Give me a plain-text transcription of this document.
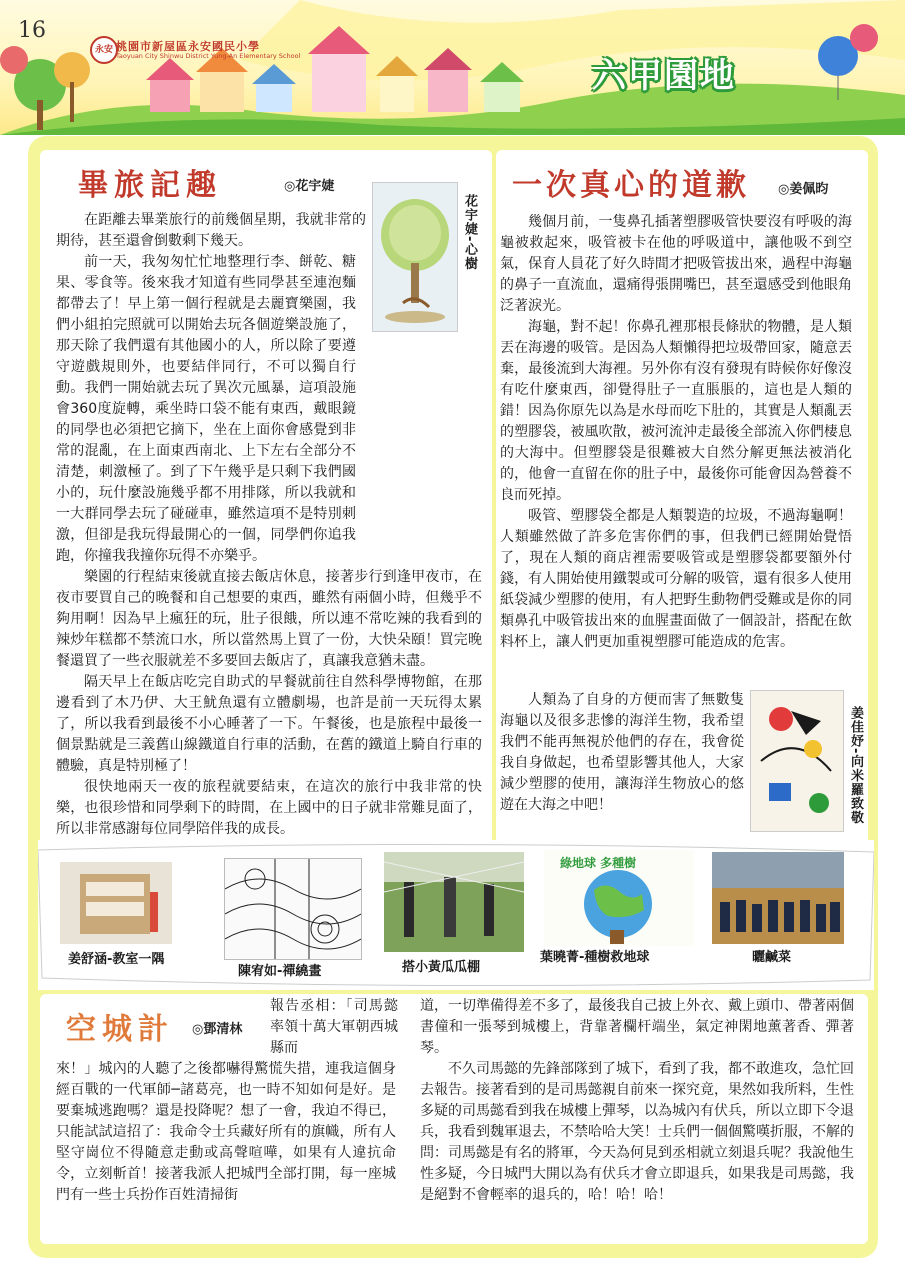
16
永安 桃園市新屋區永安國民小學
Taoyuan City Shinwu District Yung-An Elementary School	六甲園地
畢旅記趣	◎花宇婕
花宇婕-心樹

在距離去畢業旅行的前幾個星期，我就非常的期待，甚至還會倒數剩下幾天。

前一天，我匆匆忙忙地整理行李、餅乾、糖果、零食等。後來我才知道有些同學甚至連泡麵都帶去了！早上第一個行程就是去麗寶樂園，我們小組拍完照就可以開始去玩各個遊樂設施了，那天除了我們還有其他國小的人，所以除了要遵守遊戲規則外，也要結伴同行，不可以獨自行動。我們一開始就去玩了異次元風暴，這項設施會360度旋轉，乘坐時口袋不能有東西，戴眼鏡的同學也必須把它摘下，坐在上面你會感覺到非常的混亂，在上面東西南北、上下左右全部分不清楚，刺激極了。到了下午幾乎是只剩下我們國小的，玩什麼設施幾乎都不用排隊，所以我就和一大群同學去玩了碰碰車，雖然這項不是特別刺激，但卻是我玩得最開心的一個，同學們你追我跑，你撞我我撞你玩得不亦樂乎。

樂園的行程結束後就直接去飯店休息，接著步行到逢甲夜市，在夜市要買自己的晚餐和自己想要的東西，雖然有兩個小時，但幾乎不夠用啊！因為早上瘋狂的玩，肚子很餓，所以連不常吃辣的我看到的辣炒年糕都不禁流口水，所以當然馬上買了一份，大快朵頤！買完晚餐還買了一些衣服就差不多要回去飯店了，真讓我意猶未盡。

隔天早上在飯店吃完自助式的早餐就前往自然科學博物館，在那邊看到了木乃伊、大王魷魚還有立體劇場，也許是前一天玩得太累了，所以我看到最後不小心睡著了一下。午餐後，也是旅程中最後一個景點就是三義舊山線鐵道自行車的活動，在舊的鐵道上騎自行車的體驗，真是特別極了！

很快地兩天一夜的旅程就要結束，在這次的旅行中我非常的快樂，也很珍惜和同學剩下的時間，在上國中的日子就非常難見面了，所以非常感謝每位同學陪伴我的成長。

一次真心的道歉 ◎姜佩昀

幾個月前，一隻鼻孔插著塑膠吸管快要沒有呼吸的海龜被救起來，吸管被卡在他的呼吸道中，讓他吸不到空氣，保育人員花了好久時間才把吸管拔出來，過程中海龜的鼻子一直流血，還痛得張開嘴巴，甚至還感受到他眼角泛著淚光。

海龜，對不起！你鼻孔裡那根長條狀的物體，是人類丟在海邊的吸管。是因為人類懶得把垃圾帶回家，隨意丟棄，最後流到大海裡。另外你有沒有發現有時候你好像沒有吃什麼東西，卻覺得肚子一直脹脹的，這也是人類的錯！因為你原先以為是水母而吃下肚的，其實是人類亂丟的塑膠袋，被風吹散，被河流沖走最後全部流入你們棲息的大海中。但塑膠袋是很難被大自然分解更無法被消化的，他會一直留在你的肚子中，最後你可能會因為營養不良而死掉。

吸管、塑膠袋全都是人類製造的垃圾，不過海龜啊！人類雖然做了許多危害你們的事，但我們已經開始覺悟了，現在人類的商店裡需要吸管或是塑膠袋都要額外付錢，有人開始使用鐵製或可分解的吸管，還有很多人使用紙袋減少塑膠的使用，有人把野生動物們受難或是你的同類鼻孔中吸管拔出來的血腥畫面做了一個設計，搭配在飲料杯上，讓人們更加重視塑膠可能造成的危害。

人類為了自身的方便而害了無數隻海龜以及很多悲慘的海洋生物，我希望我們不能再無視於他們的存在，我會從我自身做起，也希望影響其他人，大家減少塑膠的使用，讓海洋生物放心的悠遊在大海之中吧！	姜佳妤-向米羅致敬
姜舒涵-教室一隅
陳宥如-禪繞畫	搭小黃瓜瓜棚
綠地球 多種樹
葉曉菁-種樹救地球	曬鹹菜
空城計 ◎鄧清林
報告丞相：「司馬懿率領十萬大軍朝西城縣而
來！」城內的人聽了之後都嚇得驚慌失措，連我這個身經百戰的一代軍師─諸葛亮，也一時不知如何是好。是要棄城逃跑嗎？還是投降呢？想了一會，我迫不得已，只能試試這招了：我命令士兵藏好所有的旗幟，所有人堅守崗位不得隨意走動或高聲喧嘩，如果有人違抗命令，立刻斬首！接著我派人把城門全部打開，每一座城門有一些士兵扮作百姓清掃街
道，一切準備得差不多了，最後我自己披上外衣、戴上頭巾、帶著兩個書僮和一張琴到城樓上，背靠著欄杆端坐，氣定神閑地薰著香、彈著琴。

不久司馬懿的先鋒部隊到了城下，看到了我，都不敢進攻，急忙回去報告。接著看到的是司馬懿親自前來一探究竟，果然如我所料，生性多疑的司馬懿看到我在城樓上彈琴，以為城內有伏兵，所以立即下令退兵，我看到魏軍退去，不禁哈哈大笑！士兵們一個個驚嘆折服，不解的問：司馬懿是有名的將軍，今天為何見到丞相就立刻退兵呢？我說他生性多疑，今日城門大開以為有伏兵才會立即退兵，如果我是司馬懿，我是絕對不會輕率的退兵的，哈！哈！哈！
